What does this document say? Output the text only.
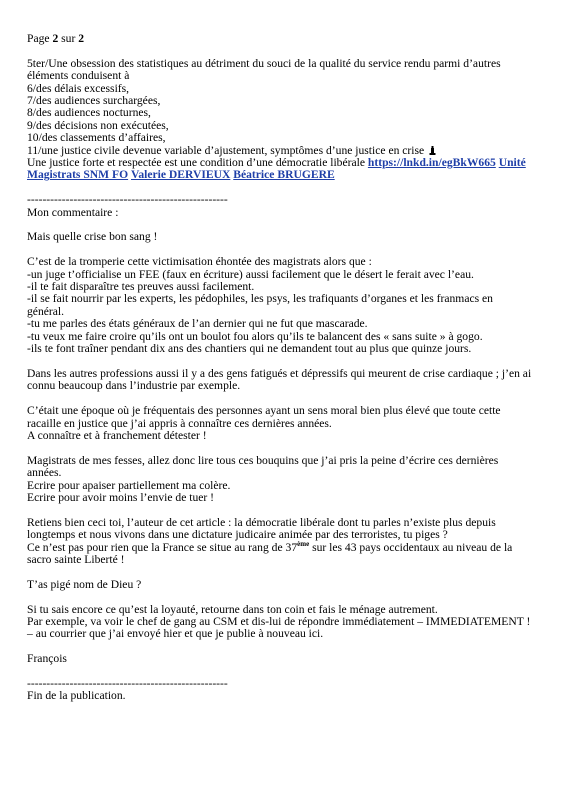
Page 2 sur 2

5ter/Une obsession des statistiques au détriment du souci de la qualité du service rendu parmi d’autres

éléments conduisent à

6/des délais excessifs,

7/des audiences surchargées,

8/des audiences nocturnes,

9/des décisions non exécutées,

10/des classements d’affaires,

11/une justice civile devenue variable d’ajustement, symptômes d’une justice en crise

Une justice forte et respectée est une condition d’une démocratie libérale https://lnkd.in/egBkW665 Unité

Magistrats SNM FO Valerie DERVIEUX Béatrice BRUGERE

----------------------------------------------------

Mon commentaire :

Mais quelle crise bon sang !

C’est de la tromperie cette victimisation éhontée des magistrats alors que :

-un juge t’officialise un FEE (faux en écriture) aussi facilement que le désert le ferait avec l’eau.

-il te fait disparaître tes preuves aussi facilement.

-il se fait nourrir par les experts, les pédophiles, les psys, les trafiquants d’organes et les franmacs en

général.

-tu me parles des états généraux de l’an dernier qui ne fut que mascarade.

-tu veux me faire croire qu’ils ont un boulot fou alors qu’ils te balancent des « sans suite » à gogo.

-ils te font traîner pendant dix ans des chantiers qui ne demandent tout au plus que quinze jours.

Dans les autres professions aussi il y a des gens fatigués et dépressifs qui meurent de crise cardiaque ; j’en ai

connu beaucoup dans l’industrie par exemple.

C’était une époque où je fréquentais des personnes ayant un sens moral bien plus élevé que toute cette

racaille en justice que j’ai appris à connaître ces dernières années.

A connaître et à franchement détester !

Magistrats de mes fesses, allez donc lire tous ces bouquins que j’ai pris la peine d’écrire ces dernières

années.

Ecrire pour apaiser partiellement ma colère.

Ecrire pour avoir moins l’envie de tuer !

Retiens bien ceci toi, l’auteur de cet article : la démocratie libérale dont tu parles n’existe plus depuis

longtemps et nous vivons dans une dictature judicaire animée par des terroristes, tu piges ?

Ce n’est pas pour rien que la France se situe au rang de 37ème sur les 43 pays occidentaux au niveau de la

sacro sainte Liberté !

T’as pigé nom de Dieu ?

Si tu sais encore ce qu’est la loyauté, retourne dans ton coin et fais le ménage autrement.

Par exemple, va voir le chef de gang au CSM et dis-lui de répondre immédiatement – IMMEDIATEMENT !

– au courrier que j’ai envoyé hier et que je publie à nouveau ici.

François

----------------------------------------------------

Fin de la publication.
